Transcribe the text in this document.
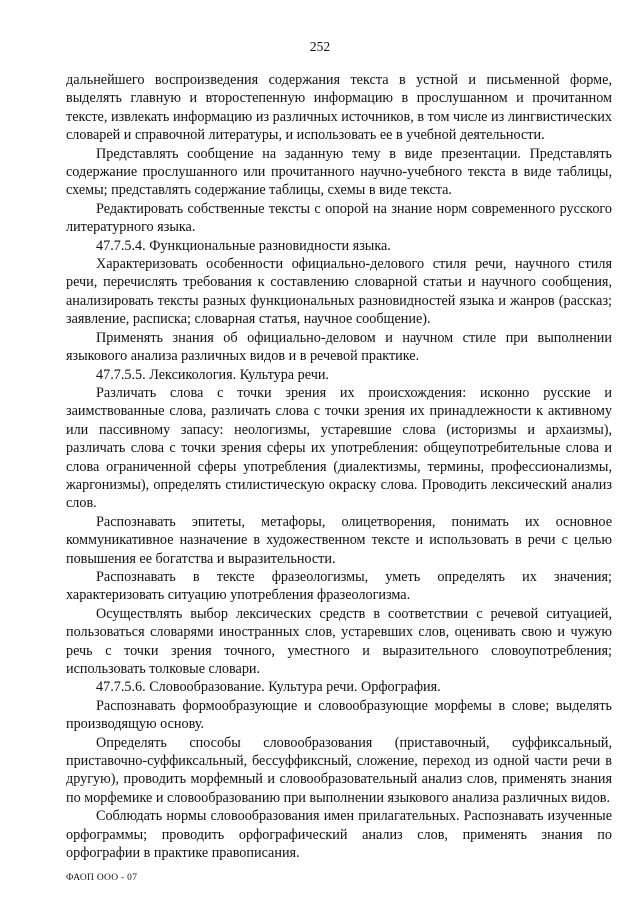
252

дальнейшего воспроизведения содержания текста в устной и письменной форме, выделять главную и второстепенную информацию в прослушанном и прочитанном тексте, извлекать информацию из различных источников, в том числе из лингвистических словарей и справочной литературы, и использовать ее в учебной деятельности.

Представлять сообщение на заданную тему в виде презентации. Представлять содержание прослушанного или прочитанного научно-учебного текста в виде таблицы, схемы; представлять содержание таблицы, схемы в виде текста.

Редактировать собственные тексты с опорой на знание норм современного русского литературного языка.

47.7.5.4. Функциональные разновидности языка.

Характеризовать особенности официально-делового стиля речи, научного стиля речи, перечислять требования к составлению словарной статьи и научного сообщения, анализировать тексты разных функциональных разновидностей языка и жанров (рассказ; заявление, расписка; словарная статья, научное сообщение).

Применять знания об официально-деловом и научном стиле при выполнении языкового анализа различных видов и в речевой практике.

47.7.5.5. Лексикология. Культура речи.

Различать слова с точки зрения их происхождения: исконно русские и заимствованные слова, различать слова с точки зрения их принадлежности к активному или пассивному запасу: неологизмы, устаревшие слова (историзмы и архаизмы), различать слова с точки зрения сферы их употребления: общеупотребительные слова и слова ограниченной сферы употребления (диалектизмы, термины, профессионализмы, жаргонизмы), определять стилистическую окраску слова. Проводить лексический анализ слов.

Распознавать эпитеты, метафоры, олицетворения, понимать их основное коммуникативное назначение в художественном тексте и использовать в речи с целью повышения ее богатства и выразительности.

Распознавать в тексте фразеологизмы, уметь определять их значения; характеризовать ситуацию употребления фразеологизма.

Осуществлять выбор лексических средств в соответствии с речевой ситуацией, пользоваться словарями иностранных слов, устаревших слов, оценивать свою и чужую речь с точки зрения точного, уместного и выразительного словоупотребления; использовать толковые словари.

47.7.5.6. Словообразование. Культура речи. Орфография.

Распознавать формообразующие и словообразующие морфемы в слове; выделять производящую основу.

Определять способы словообразования (приставочный, суффиксальный, приставочно-суффиксальный, бессуффиксный, сложение, переход из одной части речи в другую), проводить морфемный и словообразовательный анализ слов, применять знания по морфемике и словообразованию при выполнении языкового анализа различных видов.

Соблюдать нормы словообразования имен прилагательных. Распознавать изученные орфограммы; проводить орфографический анализ слов, применять знания по орфографии в практике правописания.

ФАОП ООО - 07
